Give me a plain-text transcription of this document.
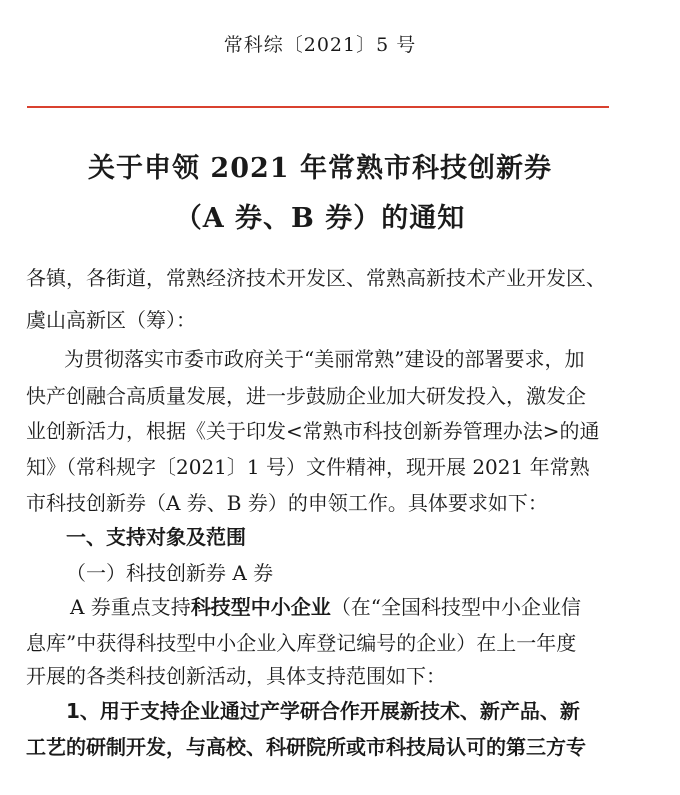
常科综〔2021〕5 号
关于申领 2021 年常熟市科技创新券
（A 券、B 券）的通知
各镇，各街道，常熟经济技术开发区、常熟高新技术产业开发区、
虞山高新区（筹）：
为贯彻落实市委市政府关于“美丽常熟”建设的部署要求，加
快产创融合高质量发展，进一步鼓励企业加大研发投入，激发企
业创新活力，根据《关于印发<常熟市科技创新券管理办法>的通
知》（常科规字〔2021〕1 号）文件精神，现开展 2021 年常熟
市科技创新券（A 券、B 券）的申领工作。具体要求如下：
一、支持对象及范围
（一）科技创新券 A 券
A 券重点支持科技型中小企业（在“全国科技型中小企业信
息库”中获得科技型中小企业入库登记编号的企业）在上一年度
开展的各类科技创新活动，具体支持范围如下：
1、用于支持企业通过产学研合作开展新技术、新产品、新
工艺的研制开发，与高校、科研院所或市科技局认可的第三方专
